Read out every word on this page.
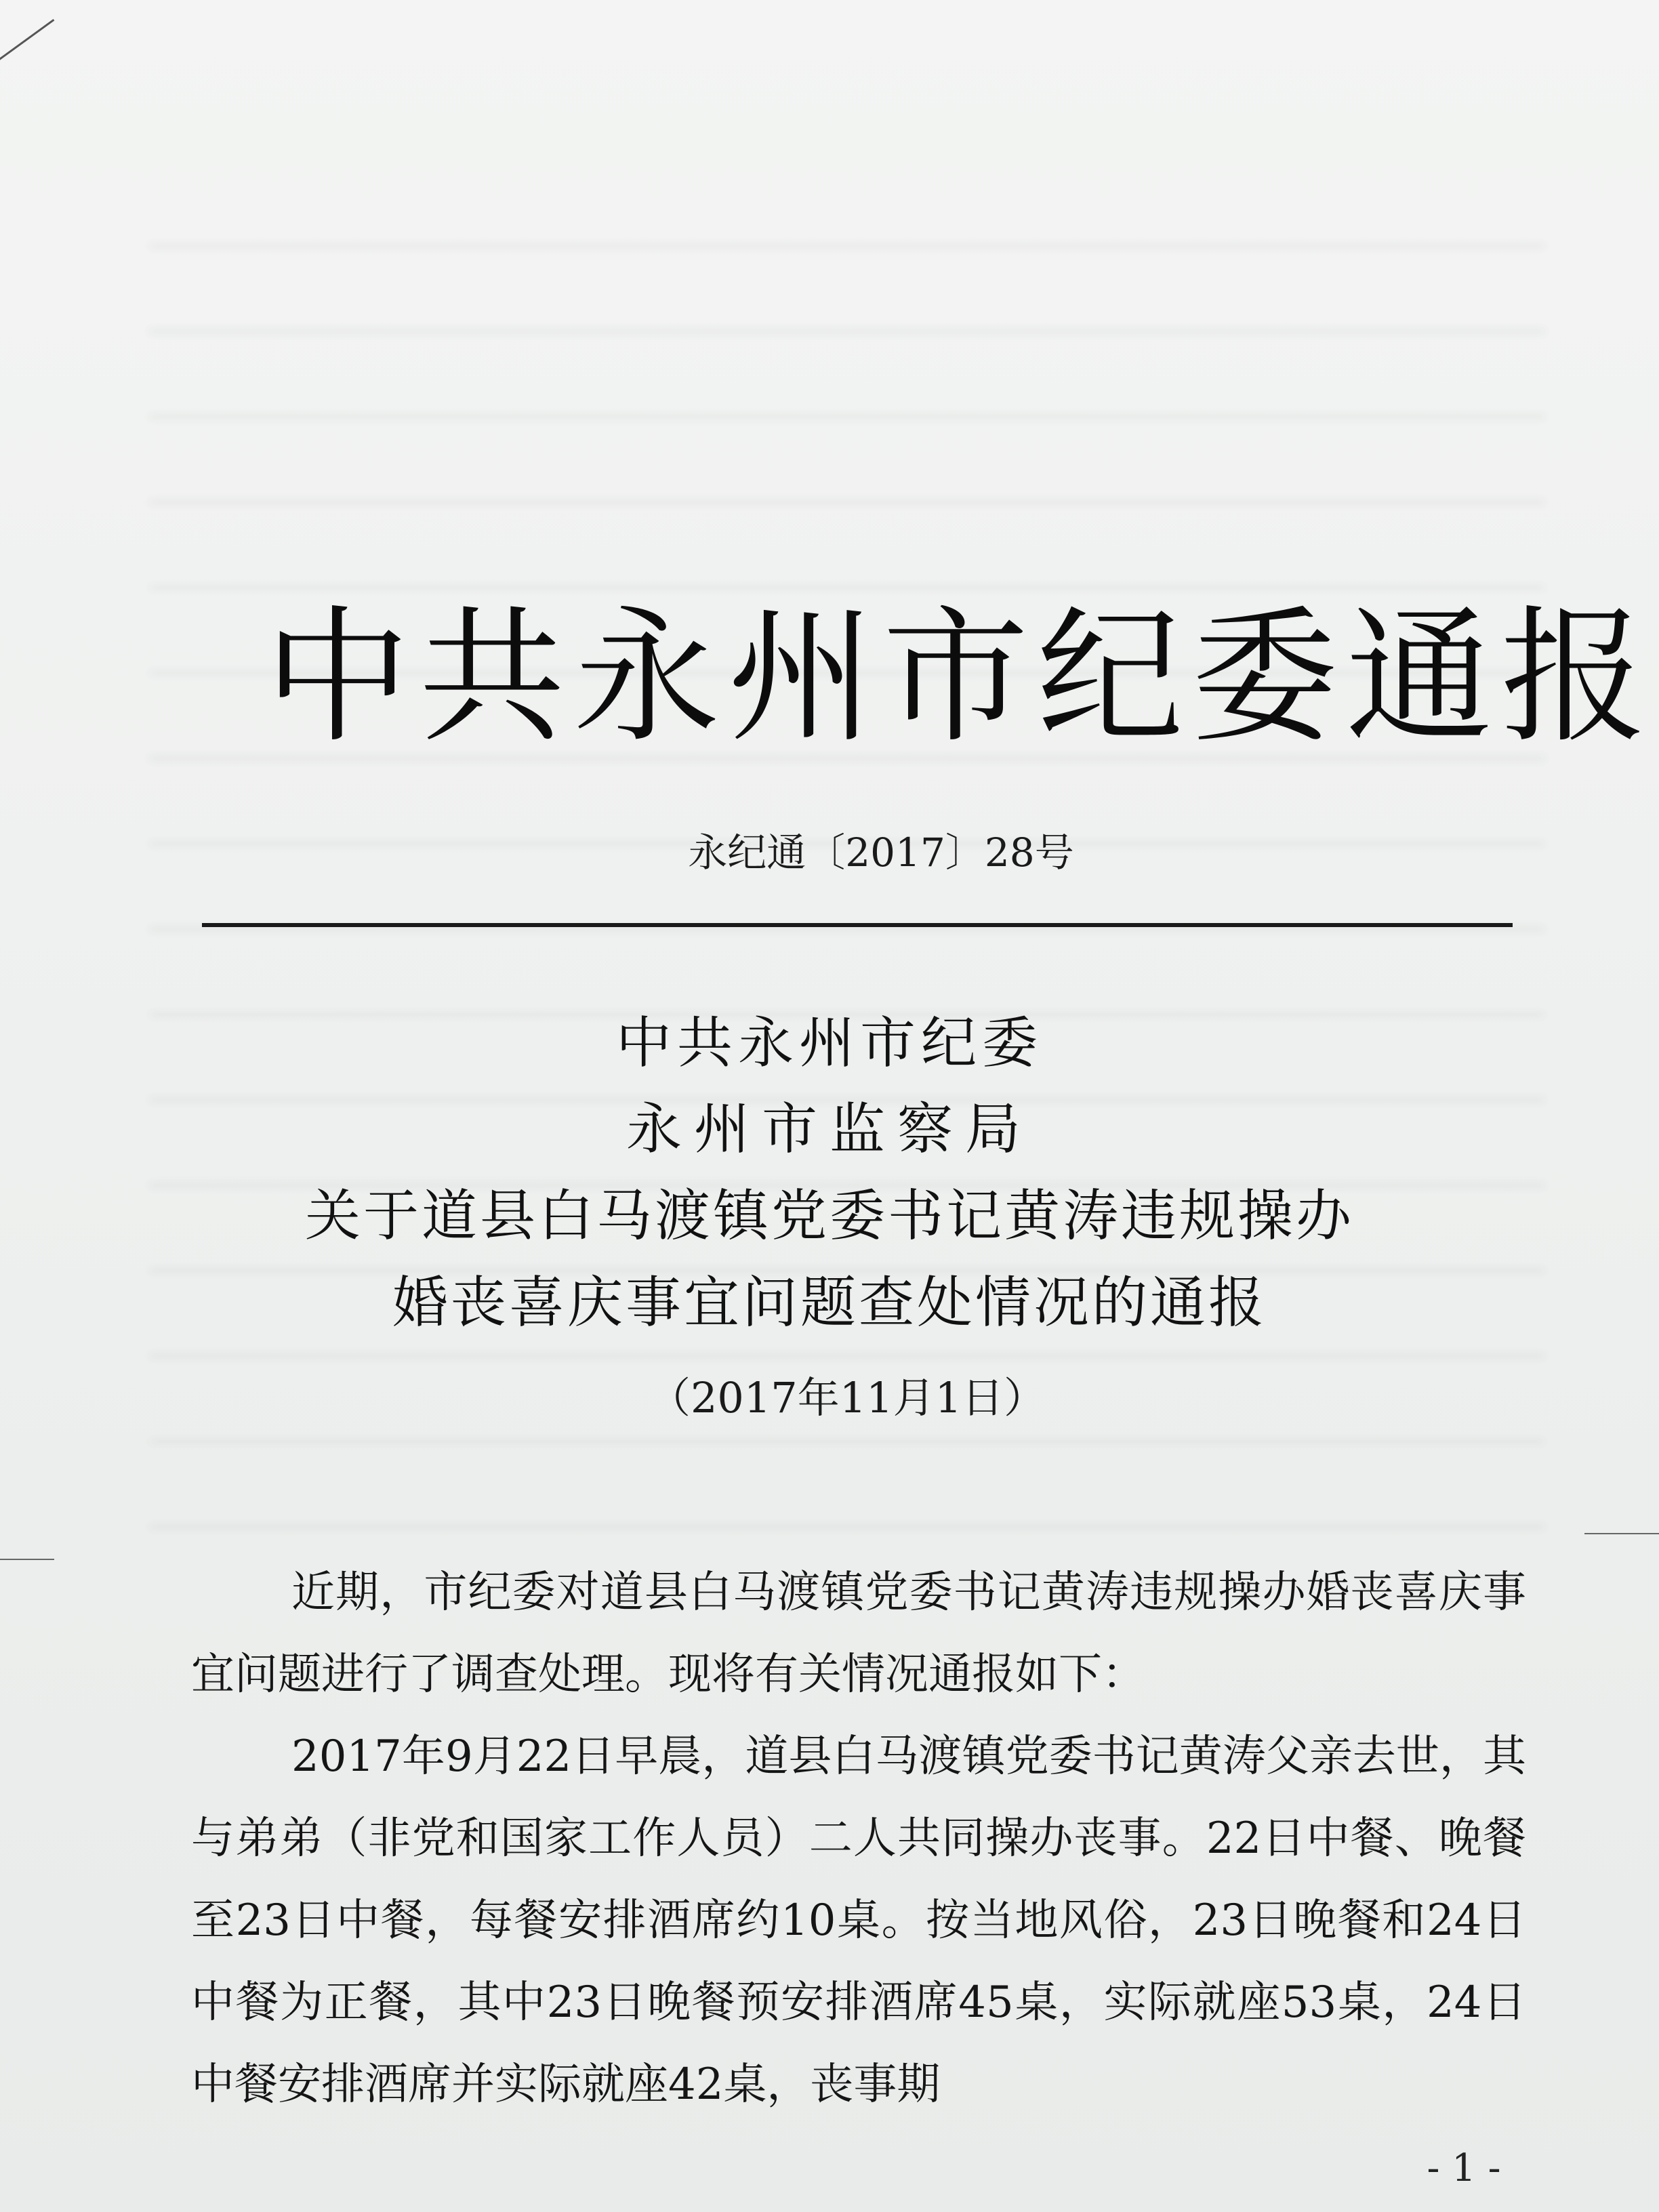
中共永州市纪委通报
永纪通〔2017〕28号
中共永州市纪委
永州市监察局
关于道县白马渡镇党委书记黄涛违规操办
婚丧喜庆事宜问题查处情况的通报
（2017年11月1日）

近期，市纪委对道县白马渡镇党委书记黄涛违规操办婚丧喜庆事宜问题进行了调查处理。现将有关情况通报如下：

2017年9月22日早晨，道县白马渡镇党委书记黄涛父亲去世，其与弟弟（非党和国家工作人员）二人共同操办丧事。22日中餐、晚餐至23日中餐，每餐安排酒席约10桌。按当地风俗，23日晚餐和24日中餐为正餐，其中23日晚餐预安排酒席45桌，实际就座53桌，24日中餐安排酒席并实际就座42桌，丧事期

- 1 -
